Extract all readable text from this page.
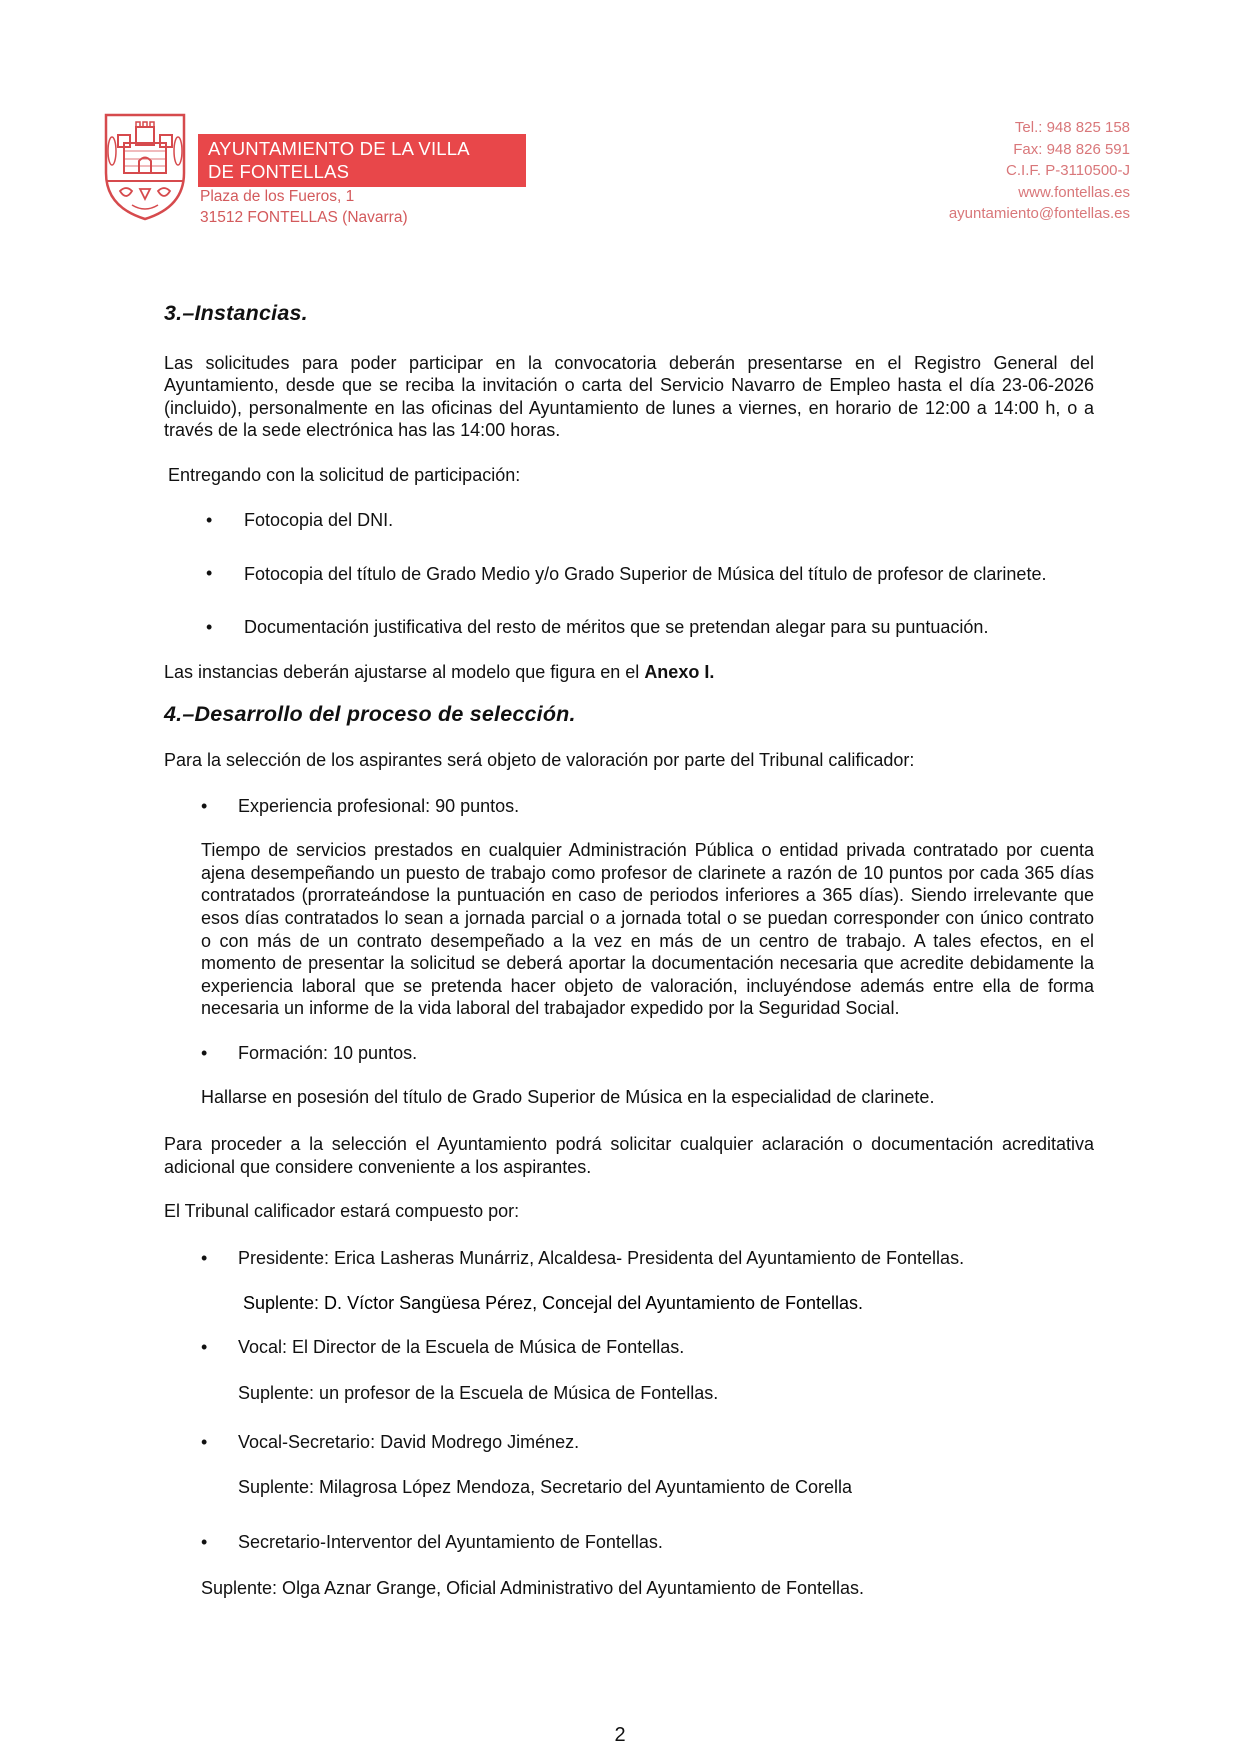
AYUNTAMIENTO DE LA VILLA
DE FONTELLAS
Plaza de los Fueros, 1
31512 FONTELLAS (Navarra)
Tel.: 948 825 158
Fax: 948 826 591
C.I.F. P-3110500-J
www.fontellas.es
ayuntamiento@fontellas.es
3.–Instancias.

Las solicitudes para poder participar en la convocatoria deberán presentarse en el Registro General del Ayuntamiento, desde que se reciba la invitación o carta del Servicio Navarro de Empleo hasta el día 23-06-2026 (incluido), personalmente en las oficinas del Ayuntamiento de lunes a viernes, en horario de 12:00 a 14:00 h, o a través de la sede electrónica has las 14:00 horas.

Entregando con la solicitud de participación:

• Fotocopia del DNI.

• Fotocopia del título de Grado Medio y/o Grado Superior de Música del título de profesor de clarinete.

• Documentación justificativa del resto de méritos que se pretendan alegar para su puntuación.

Las instancias deberán ajustarse al modelo que figura en el Anexo I.

4.–Desarrollo del proceso de selección.

Para la selección de los aspirantes será objeto de valoración por parte del Tribunal calificador:

• Experiencia profesional: 90 puntos.

Tiempo de servicios prestados en cualquier Administración Pública o entidad privada contratado por cuenta ajena desempeñando un puesto de trabajo como profesor de clarinete a razón de 10 puntos por cada 365 días contratados (prorrateándose la puntuación en caso de periodos inferiores a 365 días). Siendo irrelevante que esos días contratados lo sean a jornada parcial o a jornada total o se puedan corresponder con único contrato o con más de un contrato desempeñado a la vez en más de un centro de trabajo. A tales efectos, en el momento de presentar la solicitud se deberá aportar la documentación necesaria que acredite debidamente la experiencia laboral que se pretenda hacer objeto de valoración, incluyéndose además entre ella de forma necesaria un informe de la vida laboral del trabajador expedido por la Seguridad Social.

• Formación: 10 puntos.

Hallarse en posesión del título de Grado Superior de Música en la especialidad de clarinete.

Para proceder a la selección el Ayuntamiento podrá solicitar cualquier aclaración o documentación acreditativa adicional que considere conveniente a los aspirantes.

El Tribunal calificador estará compuesto por:

• Presidente: Erica Lasheras Munárriz, Alcaldesa- Presidenta del Ayuntamiento de Fontellas.

Suplente: D. Víctor Sangüesa Pérez, Concejal del Ayuntamiento de Fontellas.

• Vocal: El Director de la Escuela de Música de Fontellas.

Suplente: un profesor de la Escuela de Música de Fontellas.

• Vocal-Secretario: David Modrego Jiménez.

Suplente: Milagrosa López Mendoza, Secretario del Ayuntamiento de Corella

• Secretario-Interventor del Ayuntamiento de Fontellas.

Suplente: Olga Aznar Grange, Oficial Administrativo del Ayuntamiento de Fontellas.

2
